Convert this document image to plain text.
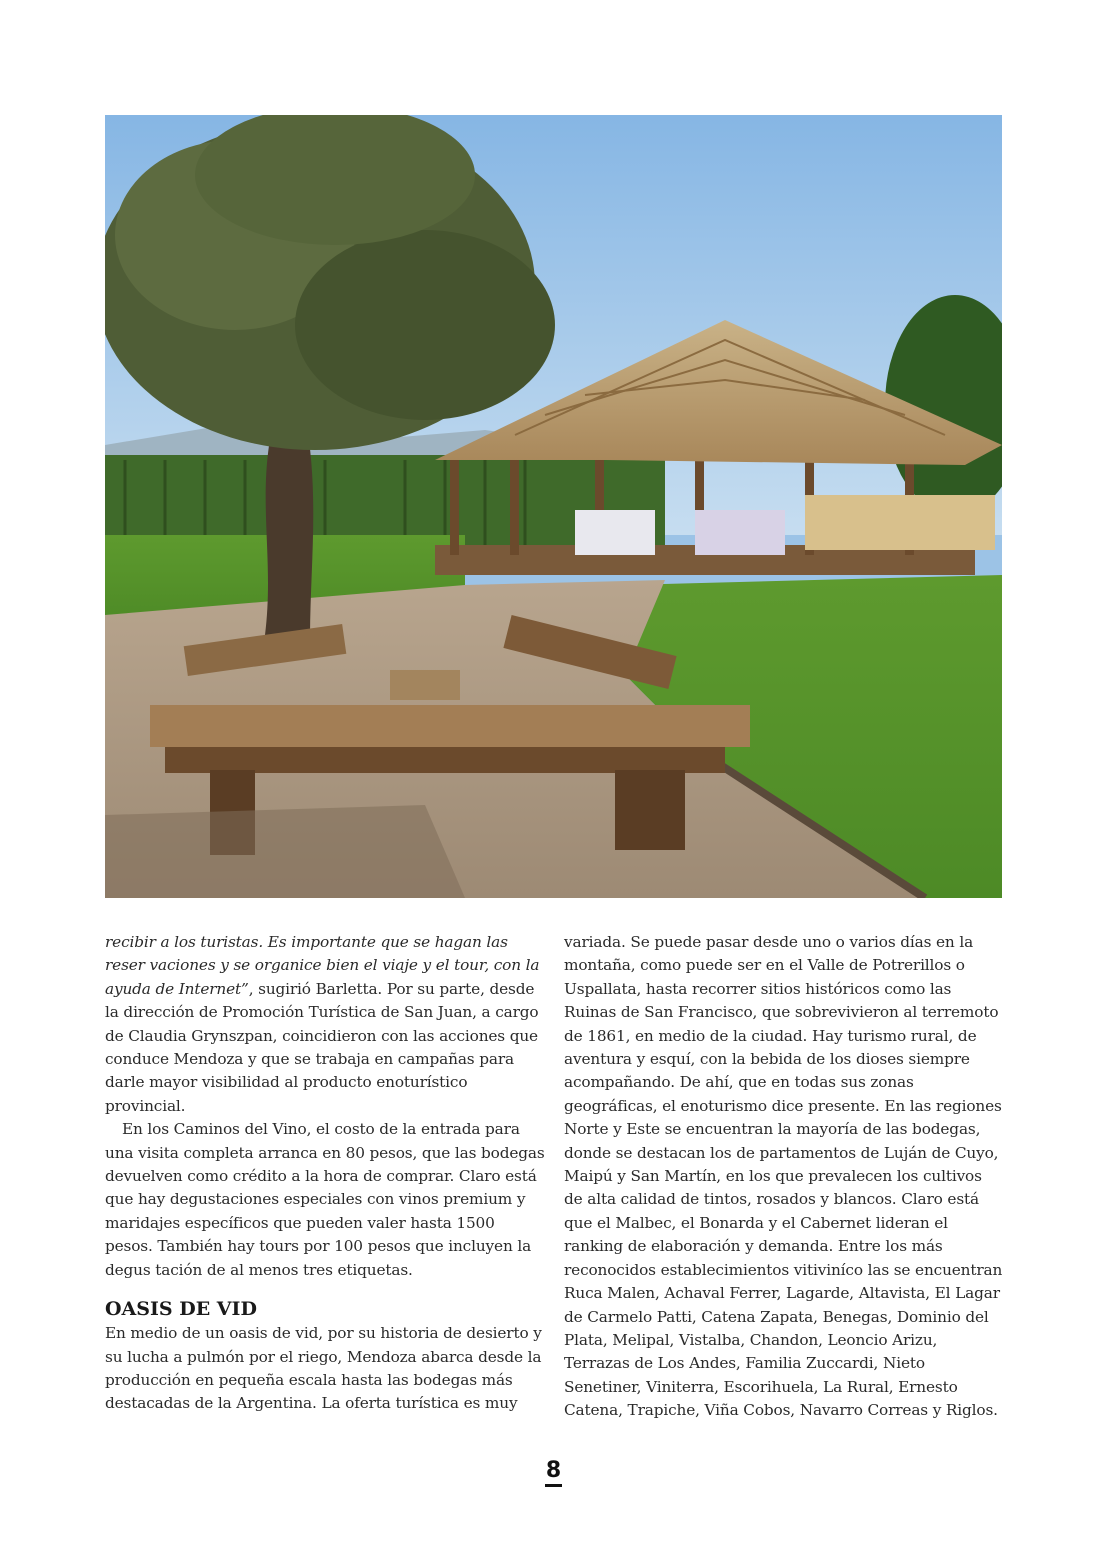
recibir a los turistas. Es importante que se hagan las reser vaciones y se organice bien el viaje y el tour, con la ayuda de Internet”, sugirió Barletta. Por su parte, desde la dirección de Promoción Turística de San Juan, a cargo de Claudia Grynszpan, coincidieron con las acciones que conduce Mendoza y que se trabaja en campañas para darle mayor visibilidad al producto enoturístico provincial.

En los Caminos del Vino, el costo de la entrada para una visita completa arranca en 80 pesos, que las bodegas devuelven como crédito a la hora de comprar. Claro está que hay degustaciones especiales con vinos premium y maridajes específicos que pueden valer hasta 1500 pesos. También hay tours por 100 pesos que incluyen la degus tación de al menos tres etiquetas.

OASIS DE VID

En medio de un oasis de vid, por su historia de desierto y su lucha a pulmón por el riego, Mendoza abarca desde la producción en pequeña escala hasta las bodegas más destacadas de la Argentina. La oferta turística es muy

variada. Se puede pasar desde uno o varios días en la montaña, como puede ser en el Valle de Potrerillos o Uspallata, hasta recorrer sitios históricos como las Ruinas de San Francisco, que sobrevivieron al terremoto de 1861, en medio de la ciudad. Hay turismo rural, de aventura y esquí, con la bebida de los dioses siempre acompañando. De ahí, que en todas sus zonas geográficas, el enoturismo dice presente. En las regiones Norte y Este se encuentran la mayoría de las bodegas, donde se destacan los de partamentos de Luján de Cuyo, Maipú y San Martín, en los que prevalecen los cultivos de alta calidad de tintos, rosados y blancos. Claro está que el Malbec, el Bonarda y el Cabernet lideran el ranking de elaboración y demanda. Entre los más reconocidos establecimientos vitiviníco las se encuentran Ruca Malen, Achaval Ferrer, Lagarde, Altavista, El Lagar de Carmelo Patti, Catena Zapata, Benegas, Dominio del Plata, Melipal, Vistalba, Chandon, Leoncio Arizu, Terrazas de Los Andes, Familia Zuccardi, Nieto Senetiner, Viniterra, Escorihuela, La Rural, Ernesto Catena, Trapiche, Viña Cobos, Navarro Correas y Riglos.

8
